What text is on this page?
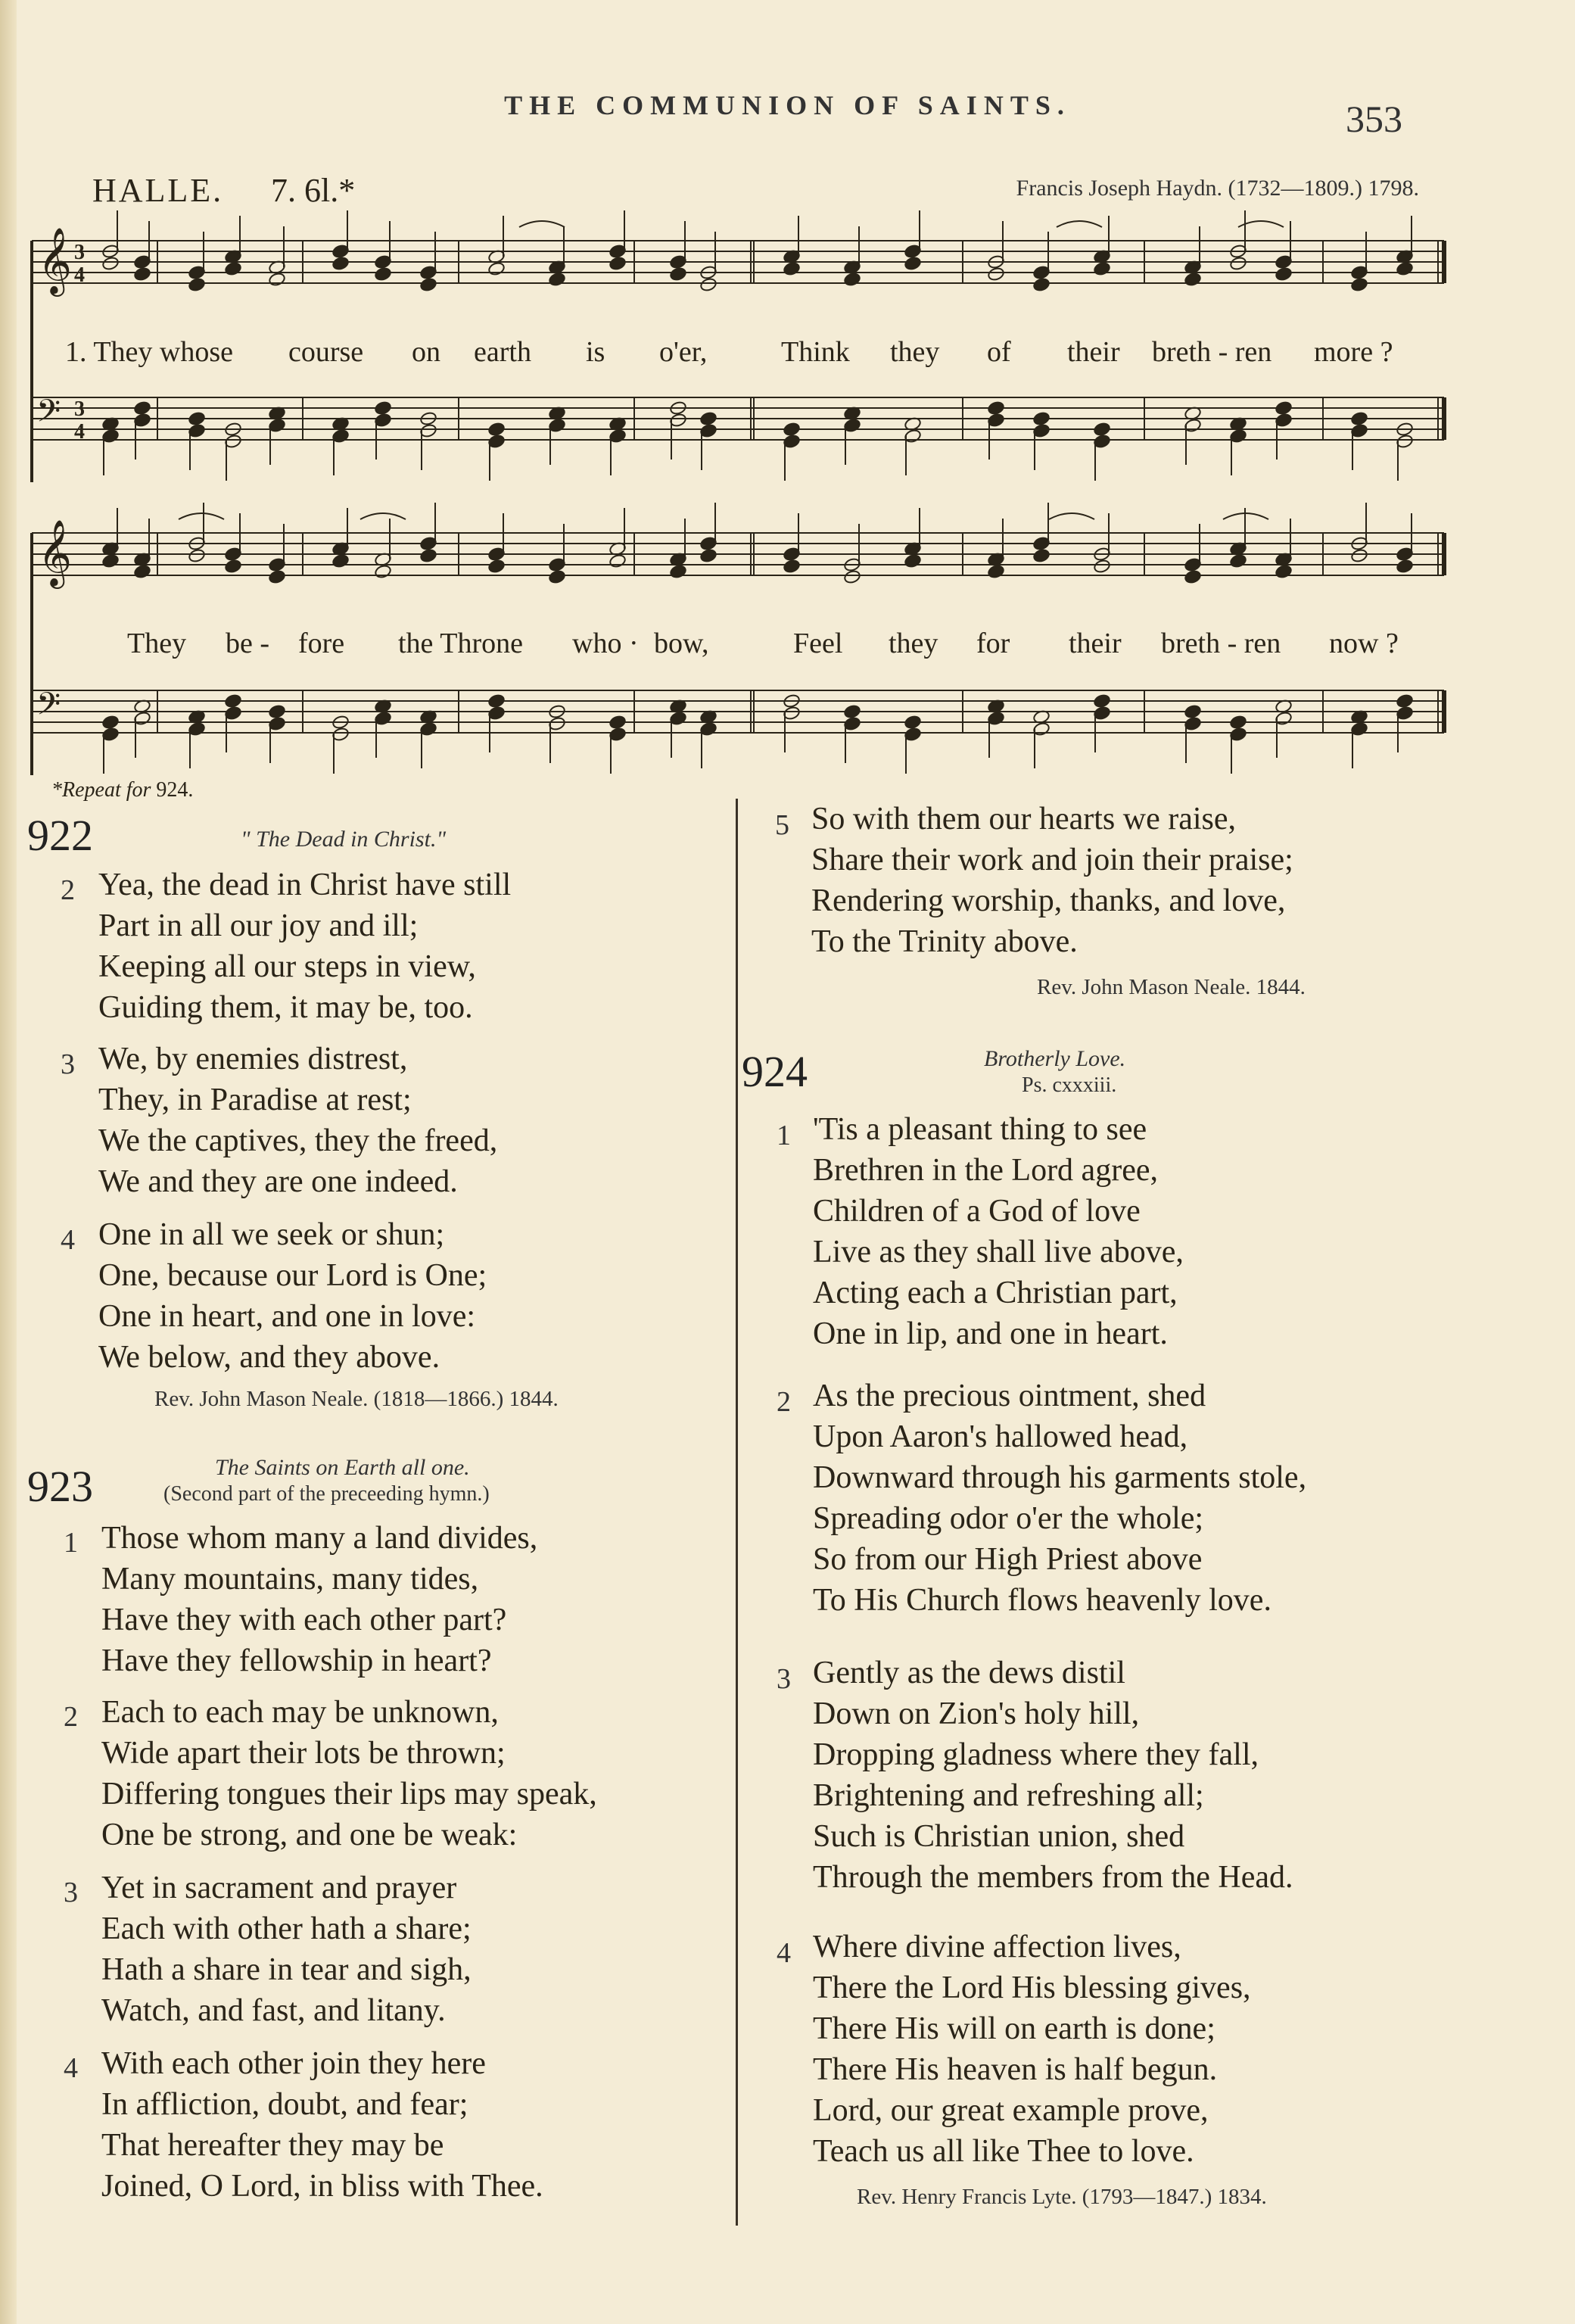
THE COMMUNION OF SAINTS.	353
HALLE. 7. 6l.*	Francis Joseph Haydn. (1732—1809.) 1798.
𝄞
𝄞
𝄢
𝄢
3
4
3
4
1. They whose course on earth is o'er,	Think they of their breth - ren more ?
They be - fore the Throne who · bow,	Feel they for their breth - ren now ?
*Repeat for 924.
922	" The Dead in Christ."
2 Yea, the dead in Christ have still
Part in all our joy and ill;
Keeping all our steps in view,
Guiding them, it may be, too.
3 We, by enemies distrest,
They, in Paradise at rest;
We the captives, they the freed,
We and they are one indeed.
4 One in all we seek or shun;
One, because our Lord is One;
One in heart, and one in love:
We below, and they above.
Rev. John Mason Neale. (1818—1866.) 1844.
923	The Saints on Earth all one.
(Second part of the preceeding hymn.)
1 Those whom many a land divides,
Many mountains, many tides,
Have they with each other part?
Have they fellowship in heart?
2 Each to each may be unknown,
Wide apart their lots be thrown;
Differing tongues their lips may speak,
One be strong, and one be weak:
3 Yet in sacrament and prayer
Each with other hath a share;
Hath a share in tear and sigh,
Watch, and fast, and litany.
4 With each other join they here
In affliction, doubt, and fear;
That hereafter they may be
Joined, O Lord, in bliss with Thee.
5 So with them our hearts we raise,
Share their work and join their praise;
Rendering worship, thanks, and love,
To the Trinity above.
Rev. John Mason Neale. 1844.
924	Brotherly Love.
Ps. cxxxiii.
1 'Tis a pleasant thing to see
Brethren in the Lord agree,
Children of a God of love
Live as they shall live above,
Acting each a Christian part,
One in lip, and one in heart.
2 As the precious ointment, shed
Upon Aaron's hallowed head,
Downward through his garments stole,
Spreading odor o'er the whole;
So from our High Priest above
To His Church flows heavenly love.
3 Gently as the dews distil
Down on Zion's holy hill,
Dropping gladness where they fall,
Brightening and refreshing all;
Such is Christian union, shed
Through the members from the Head.
4 Where divine affection lives,
There the Lord His blessing gives,
There His will on earth is done;
There His heaven is half begun.
Lord, our great example prove,
Teach us all like Thee to love.
Rev. Henry Francis Lyte. (1793—1847.) 1834.
